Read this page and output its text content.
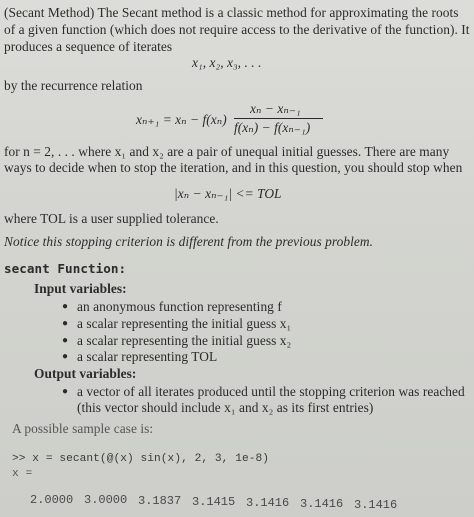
(Secant Method) The Secant method is a classic method for approximating the roots
of a given function (which does not require access to the derivative of the function). It
produces a sequence of iterates
x₁, x₂, x₃, . . .
by the recurrence relation
xₙ₊₁ = xₙ − f(xₙ)
xₙ − xₙ₋₁
f(xₙ) − f(xₙ₋₁)
for n = 2, . . . where x₁ and x₂ are a pair of unequal initial guesses. There are many
ways to decide when to stop the iteration, and in this question, you should stop when
|xₙ − xₙ₋₁| <= TOL
where TOL is a user supplied tolerance.
Notice this stopping criterion is different from the previous problem.
secant Function:
Input variables:
● an anonymous function representing f
● a scalar representing the initial guess x₁
● a scalar representing the initial guess x₂
● a scalar representing TOL
Output variables:
● a vector of all iterates produced until the stopping criterion was reached
(this vector should include x₁ and x₂ as its first entries)
A possible sample case is:
>> x = secant(@(x) sin(x), 2, 3, 1e-8)
x =
2.0000 3.0000 3.1837 3.1415 3.1416 3.1416 3.1416
